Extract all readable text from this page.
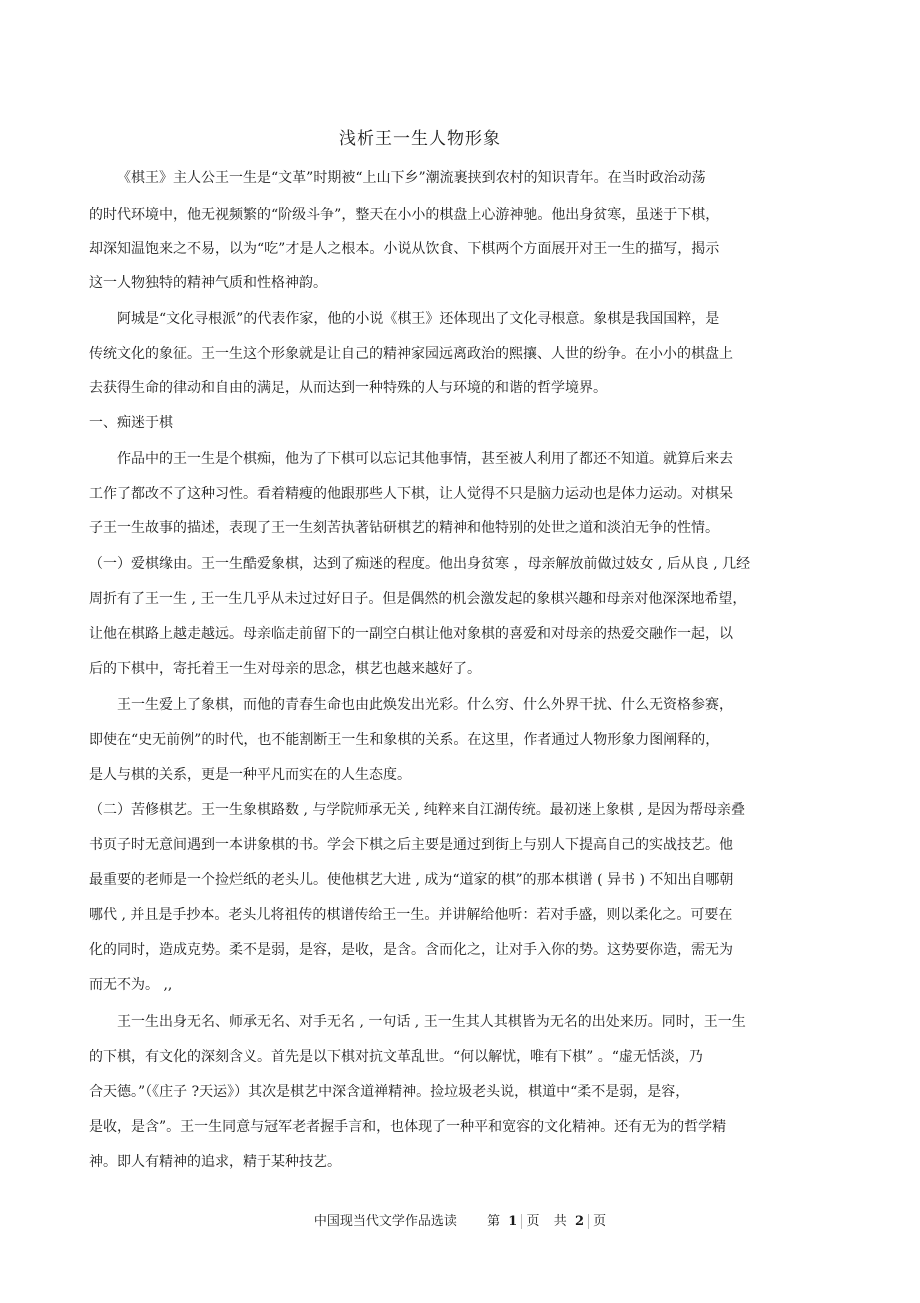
浅析王一生人物形象
《棋王》主人公王一生是“文革”时期被“上山下乡”潮流裹挟到农村的知识青年。在当时政治动荡
的时代环境中，他无视频繁的“阶级斗争”，整天在小小的棋盘上心游神驰。他出身贫寒，虽迷于下棋，
却深知温饱来之不易，以为“吃”才是人之根本。小说从饮食、下棋两个方面展开对王一生的描写，揭示
这一人物独特的精神气质和性格神韵。
阿城是“文化寻根派”的代表作家，他的小说《棋王》还体现出了文化寻根意。象棋是我国国粹，是
传统文化的象征。王一生这个形象就是让自己的精神家园远离政治的熙攘、人世的纷争。在小小的棋盘上
去获得生命的律动和自由的满足，从而达到一种特殊的人与环境的和谐的哲学境界。
一、痴迷于棋
作品中的王一生是个棋痴，他为了下棋可以忘记其他事情，甚至被人利用了都还不知道。就算后来去
工作了都改不了这种习性。看着精瘦的他跟那些人下棋，让人觉得不只是脑力运动也是体力运动。对棋呆
子王一生故事的描述，表现了王一生刻苦执著钻研棋艺的精神和他特别的处世之道和淡泊无争的性情。
（一）爱棋缘由。王一生酷爱象棋，达到了痴迷的程度。他出身贫寒 ，母亲解放前做过妓女 , 后从良 , 几经
周折有了王一生 , 王一生几乎从未过过好日子。但是偶然的机会激发起的象棋兴趣和母亲对他深深地希望，
让他在棋路上越走越远。母亲临走前留下的一副空白棋让他对象棋的喜爱和对母亲的热爱交融作一起，以
后的下棋中，寄托着王一生对母亲的思念，棋艺也越来越好了。
王一生爱上了象棋，而他的青春生命也由此焕发出光彩。什么穷、什么外界干扰、什么无资格参赛，
即使在“史无前例”的时代，也不能割断王一生和象棋的关系。在这里，作者通过人物形象力图阐释的，
是人与棋的关系，更是一种平凡而实在的人生态度。
（二）苦修棋艺。王一生象棋路数 , 与学院师承无关 , 纯粹来自江湖传统。最初迷上象棋 , 是因为帮母亲叠
书页子时无意间遇到一本讲象棋的书。学会下棋之后主要是通过到街上与别人下提高自己的实战技艺。他
最重要的老师是一个捡烂纸的老头儿。使他棋艺大进 , 成为“道家的棋”的那本棋谱 ( 异书 ) 不知出自哪朝
哪代 , 并且是手抄本。老头儿将祖传的棋谱传给王一生。并讲解给他听：若对手盛，则以柔化之。可要在
化的同时，造成克势。柔不是弱，是容，是收，是含。含而化之，让对手入你的势。这势要你造，需无为
而无不为。 ,,
王一生出身无名、师承无名、对手无名 , 一句话 , 王一生其人其棋皆为无名的出处来历。同时，王一生
的下棋，有文化的深刻含义。首先是以下棋对抗文革乱世。“何以解忧，唯有下棋” 。“虚无恬淡，乃
合天德。”（《庄子 ?天运》）其次是棋艺中深含道禅精神。捡垃圾老头说，棋道中“柔不是弱，是容，
是收，是含”。王一生同意与冠军老者握手言和，也体现了一种平和宽容的文化精神。还有无为的哲学精
神。即人有精神的追求，精于某种技艺。
中国现当代文学作品选读 第 1 页 共 2 页
